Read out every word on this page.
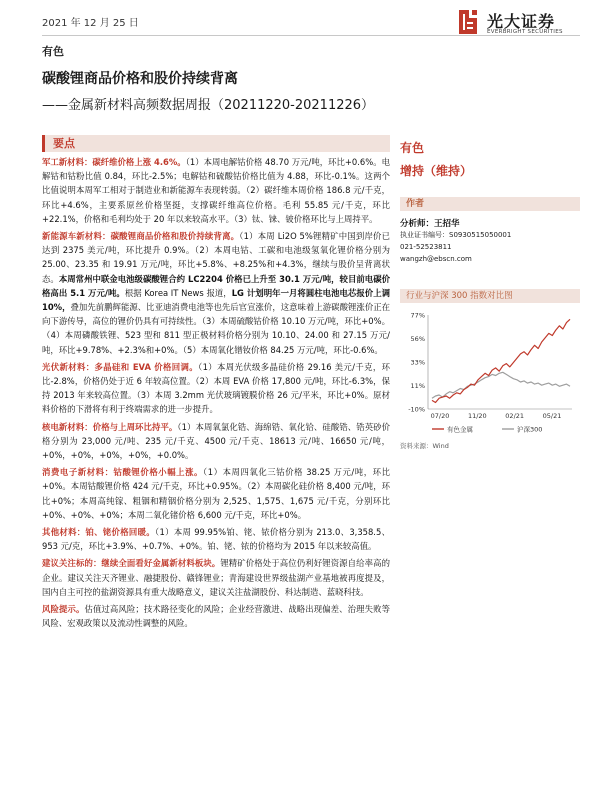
2021 年 12 月 25 日	光大证券
EVERBRIGHT SECURITIES
有色
碳酸锂商品价格和股价持续背离
——金属新材料高频数据周报（20211220-20211226）
要点

军工新材料：碳纤维价格上涨 4.6%。（1）本周电解钴价格 48.70 万元/吨，环比+0.6%。电解钴和钴粉比值 0.84，环比-2.5%；电解钴和硫酸钴价格比值为 4.88，环比-0.1%。这两个比值说明本周军工相对于制造业和新能源车表现转弱。（2）碳纤维本周价格 186.8 元/千克，环比+4.6%，主要系原丝价格坚挺，支撑碳纤维高位价格。毛利 55.85 元/千克，环比+22.1%，价格和毛利均处于 20 年以来较高水平。（3）钛、铼、铍价格环比与上周持平。

新能源车新材料：碳酸锂商品价格和股价持续背离。（1）本周 Li2O 5%锂精矿中国到岸价已达到 2375 美元/吨，环比提升 0.9%。（2）本周电钴、工碳和电池级氢氧化锂价格分别为 25.00、23.35 和 19.91 万元/吨，环比+5.8%、+8.25%和+4.3%，继续与股价呈背离状态。本周常州中联金电池级碳酸锂合约 LC2204 价格已上升至 30.1 万元/吨，较目前电碳价格高出 5.1 万元/吨。根据 Korea IT News 报道，LG 计划明年一月将圆柱电池电芯报价上调 10%，叠加先前鹏辉能源、比亚迪消费电池等也先后官宣涨价，这意味着上游碳酸锂涨价正在向下游传导，高位的锂价仍具有可持续性。（3）本周硫酸钴价格 10.10 万元/吨，环比+0%。（4）本周磷酸铁锂、523 型和 811 型正极材料价格分别为 10.10、24.00 和 27.15 万元/吨，环比+9.78%、+2.3%和+0%。（5）本周氧化镨钕价格 84.25 万元/吨，环比-0.6%。

光伏新材料：多晶硅和 EVA 价格回调。（1）本周光伏级多晶硅价格 29.16 美元/千克，环比-2.8%，价格仍处于近 6 年较高位置。（2）本周 EVA 价格 17,800 元/吨，环比-6.3%，保持 2013 年来较高位置。（3）本周 3.2mm 光伏玻璃镀膜价格 26 元/平米，环比+0%。原材料价格的下滑将有利于终端需求的进一步提升。

核电新材料：价格与上周环比持平。（1）本周氧氯化锆、海绵锆、氧化铪、硅酸锆、锆英砂价格分别为 23,000 元/吨、235 元/千克、4500 元/千克、18613 元/吨、16650 元/吨，+0%，+0%，+0%，+0%，+0.0%。

消费电子新材料：钴酸锂价格小幅上涨。（1）本周四氧化三钴价格 38.25 万元/吨，环比+0%。本周钴酸锂价格 424 元/千克，环比+0.95%。（2）本周碳化硅价格 8,400 元/吨，环比+0%；本周高纯镓、粗铟和精铟价格分别为 2,525、1,575、1,675 元/千克，分别环比+0%、+0%、+0%；本周二氧化锗价格 6,600 元/千克，环比+0%。

其他材料：铂、铑价格回暖。（1）本周 99.95%铂、铑、铱价格分别为 213.0、3,358.5、953 元/克，环比+3.9%、+0.7%、+0%。铂、铑、铱的价格均为 2015 年以来较高值。

建议关注标的：继续全面看好金属新材料板块。锂精矿价格处于高位仍利好锂资源自给率高的企业。建议关注天齐锂业、融捷股份、赣锋锂业；青海建设世界级盐湖产业基地被再度提及，国内自主可控的盐湖资源具有重大战略意义，建议关注盐湖股份、科达制造、蓝晓科技。

风险提示。估值过高风险；技术路径变化的风险；企业经营激进、战略出现偏差、治理失败等风险、宏观政策以及流动性调整的风险。

有色
增持（维持）
作者
分析师：王招华
执业证书编号：S0930515050001
021-52523811
wangzh@ebscn.com
行业与沪深 300 指数对比图
77%
56%
33%
11%
-10%
07/20	11/20	02/21	05/21
有色金属	沪深300
资料来源：Wind
